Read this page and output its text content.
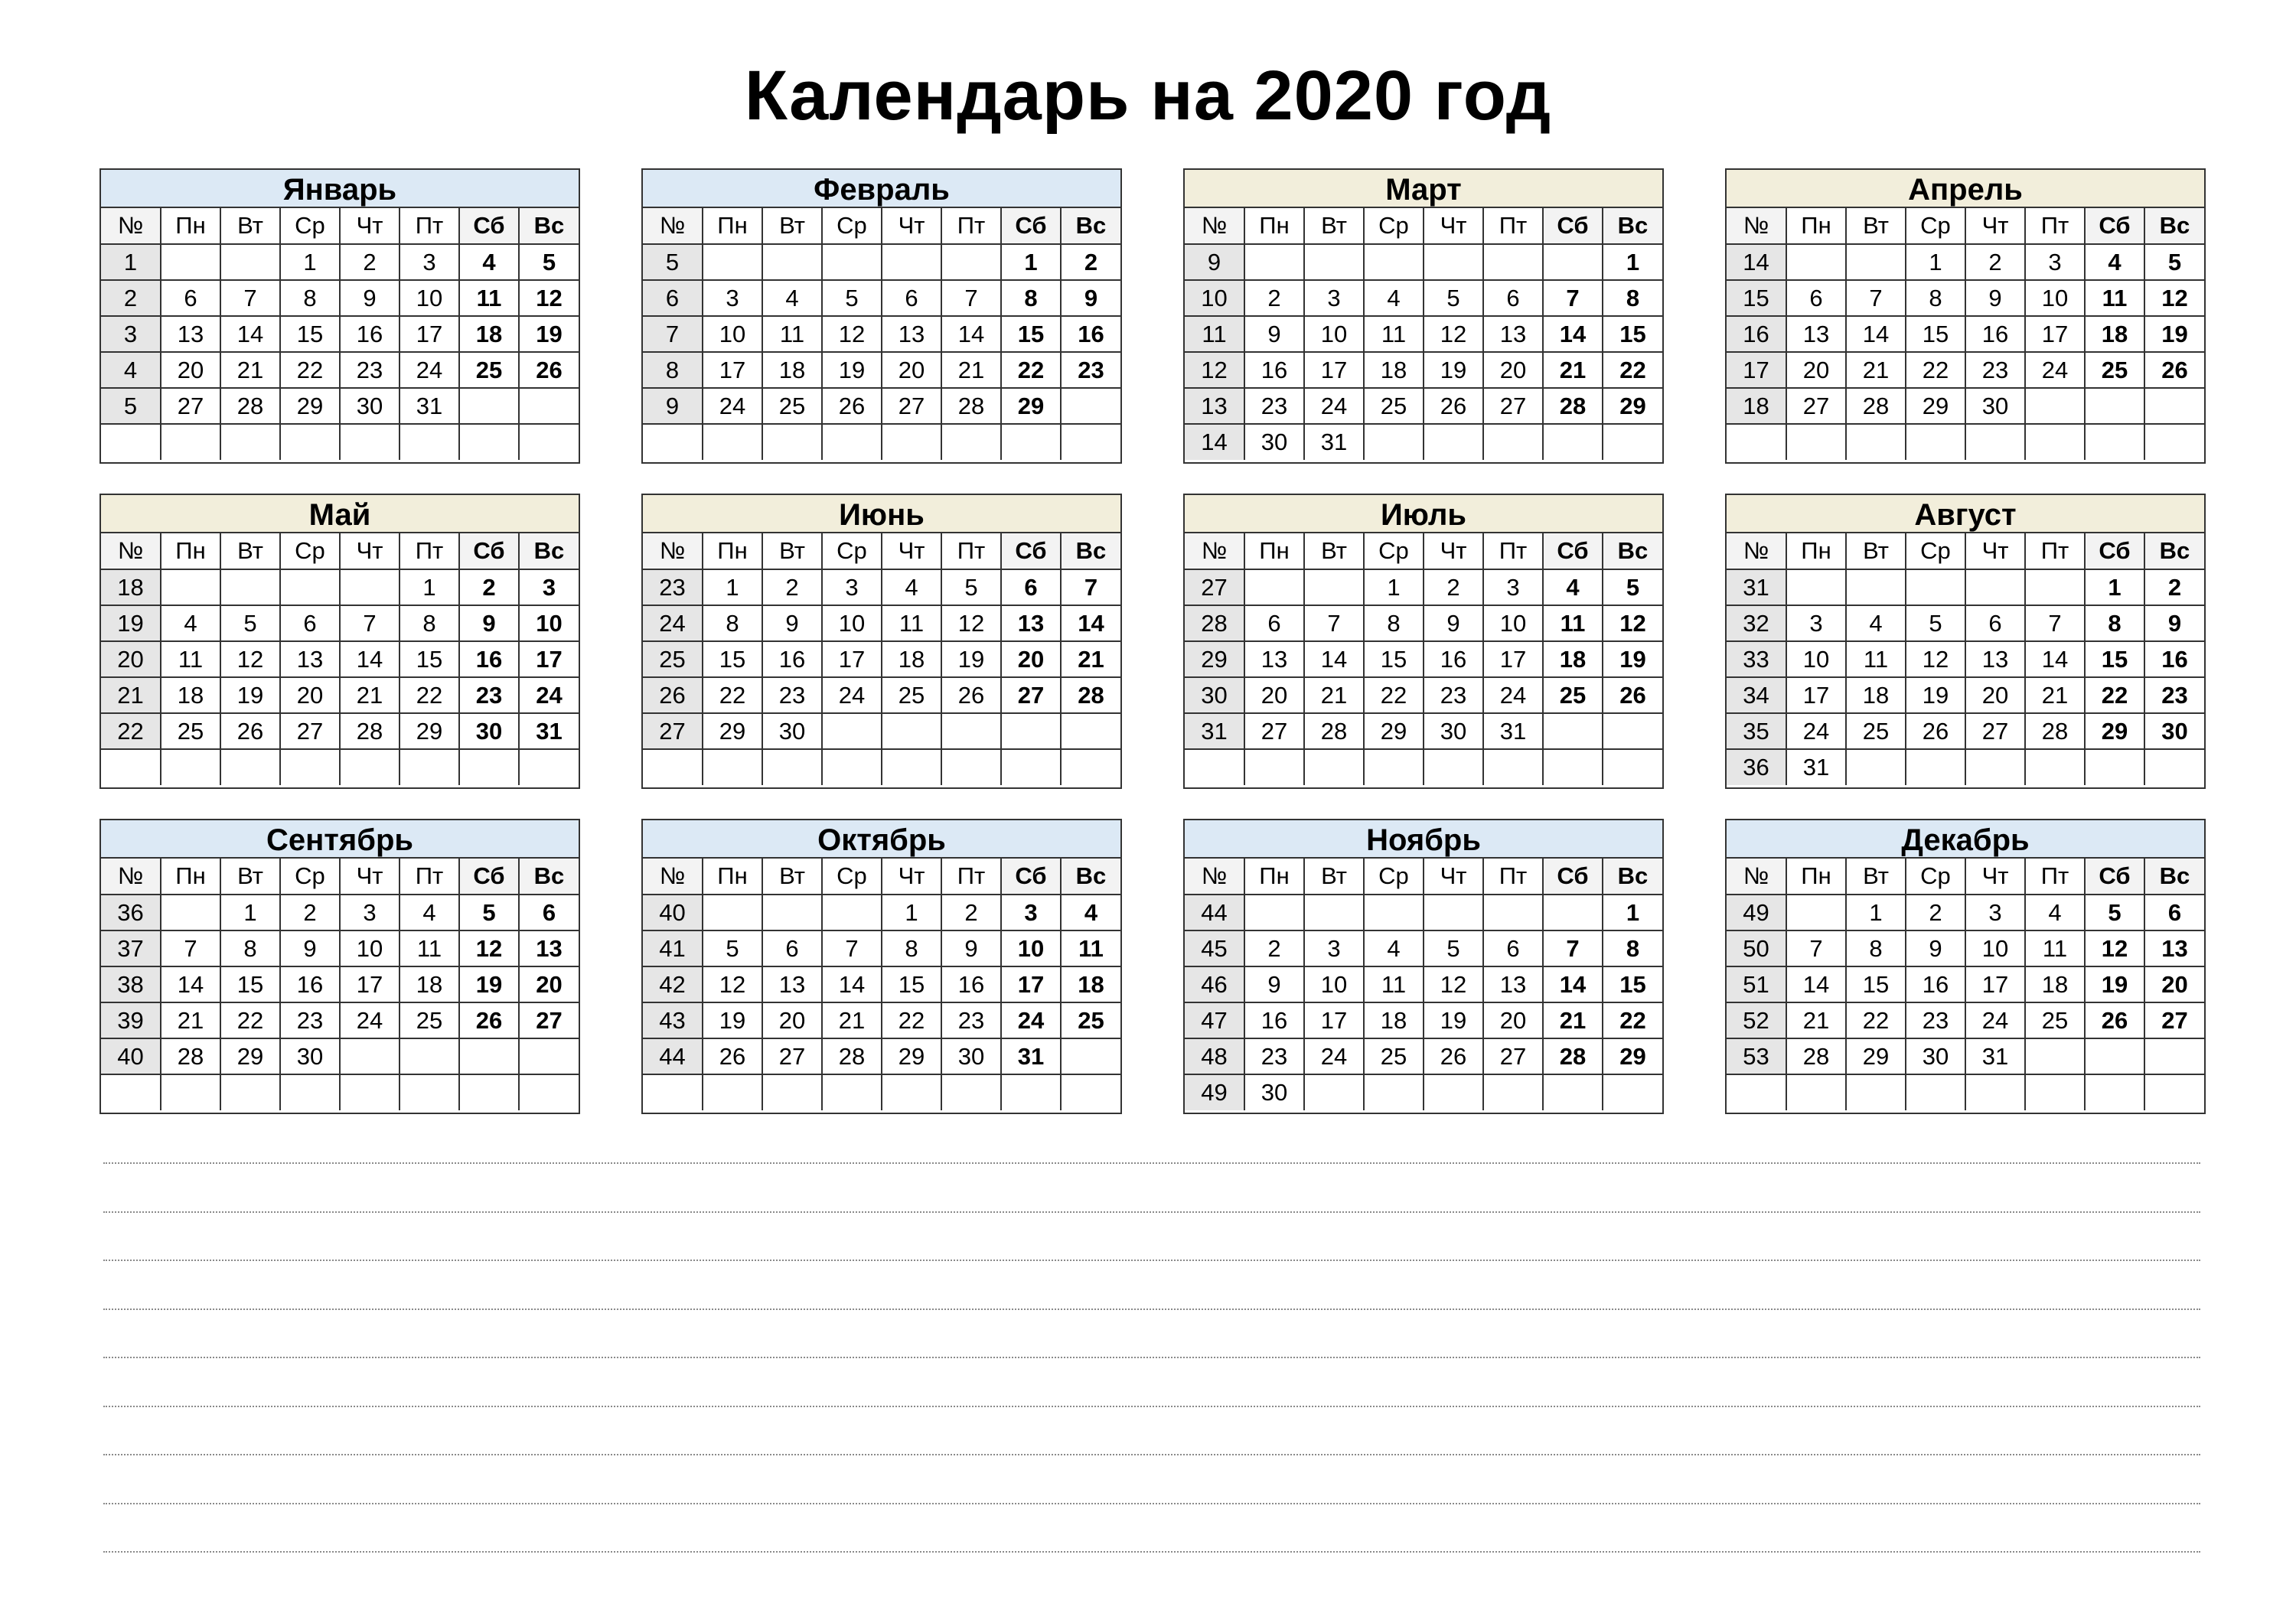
Календарь на 2020 год
Январь
№	Пн	Вт	Ср	Чт	Пт	Сб	Вс
1			1	2	3	4	5
2	6	7	8	9	10	11	12
3	13	14	15	16	17	18	19
4	20	21	22	23	24	25	26
5	27	28	29	30	31		

Февраль
№	Пн	Вт	Ср	Чт	Пт	Сб	Вс
5						1	2
6	3	4	5	6	7	8	9
7	10	11	12	13	14	15	16
8	17	18	19	20	21	22	23
9	24	25	26	27	28	29	

Март
№	Пн	Вт	Ср	Чт	Пт	Сб	Вс
9							1
10	2	3	4	5	6	7	8
11	9	10	11	12	13	14	15
12	16	17	18	19	20	21	22
13	23	24	25	26	27	28	29
14	30	31					
Апрель
№	Пн	Вт	Ср	Чт	Пт	Сб	Вс
14			1	2	3	4	5
15	6	7	8	9	10	11	12
16	13	14	15	16	17	18	19
17	20	21	22	23	24	25	26
18	27	28	29	30			

Май
№	Пн	Вт	Ср	Чт	Пт	Сб	Вс
18					1	2	3
19	4	5	6	7	8	9	10
20	11	12	13	14	15	16	17
21	18	19	20	21	22	23	24
22	25	26	27	28	29	30	31

Июнь
№	Пн	Вт	Ср	Чт	Пт	Сб	Вс
23	1	2	3	4	5	6	7
24	8	9	10	11	12	13	14
25	15	16	17	18	19	20	21
26	22	23	24	25	26	27	28
27	29	30					

Июль
№	Пн	Вт	Ср	Чт	Пт	Сб	Вс
27			1	2	3	4	5
28	6	7	8	9	10	11	12
29	13	14	15	16	17	18	19
30	20	21	22	23	24	25	26
31	27	28	29	30	31		

Август
№	Пн	Вт	Ср	Чт	Пт	Сб	Вс
31						1	2
32	3	4	5	6	7	8	9
33	10	11	12	13	14	15	16
34	17	18	19	20	21	22	23
35	24	25	26	27	28	29	30
36	31						
Сентябрь
№	Пн	Вт	Ср	Чт	Пт	Сб	Вс
36		1	2	3	4	5	6
37	7	8	9	10	11	12	13
38	14	15	16	17	18	19	20
39	21	22	23	24	25	26	27
40	28	29	30				

Октябрь
№	Пн	Вт	Ср	Чт	Пт	Сб	Вс
40				1	2	3	4
41	5	6	7	8	9	10	11
42	12	13	14	15	16	17	18
43	19	20	21	22	23	24	25
44	26	27	28	29	30	31	

Ноябрь
№	Пн	Вт	Ср	Чт	Пт	Сб	Вс
44							1
45	2	3	4	5	6	7	8
46	9	10	11	12	13	14	15
47	16	17	18	19	20	21	22
48	23	24	25	26	27	28	29
49	30						
Декабрь
№	Пн	Вт	Ср	Чт	Пт	Сб	Вс
49		1	2	3	4	5	6
50	7	8	9	10	11	12	13
51	14	15	16	17	18	19	20
52	21	22	23	24	25	26	27
53	28	29	30	31			
